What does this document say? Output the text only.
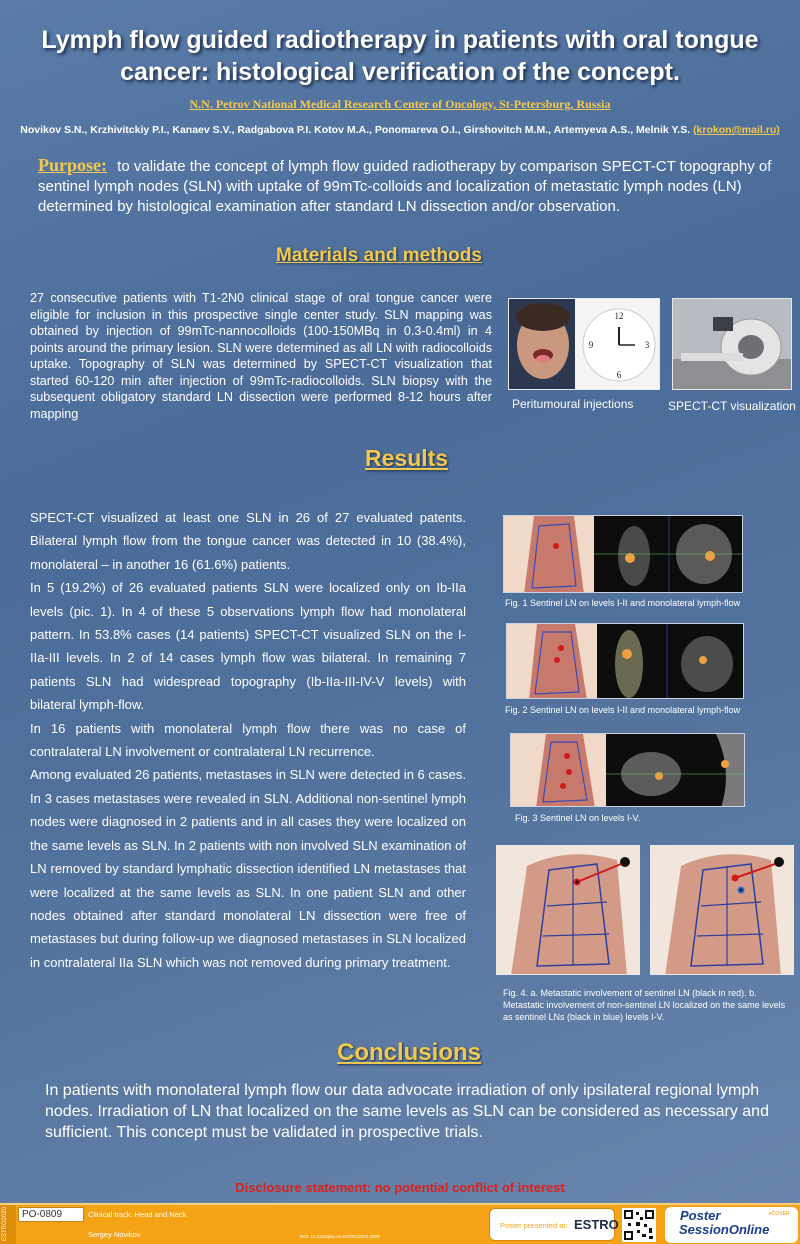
Lymph flow guided radiotherapy in patients with oral tongue
cancer: histological verification of the concept.
N.N. Petrov National Medical Research Center of Oncology, St-Petersburg, Russia
Novikov S.N., Krzhivitckiy P.I., Kanaev S.V., Radgabova P.I. Kotov M.A., Ponomareva O.I., Girshovitch M.M., Artemyeva A.S., Melnik Y.S. (krokon@mail.ru)
Purpose: to validate the concept of lymph flow guided radiotherapy by comparison SPECT-CT topography of sentinel lymph nodes (SLN) with uptake of 99mTc-colloids and localization of metastatic lymph nodes (LN) determined by histological examination after standard LN dissection and/or observation.
Materials and methods
27 consecutive patients with T1-2N0 clinical stage of oral tongue cancer were eligible for inclusion in this prospective single center study. SLN mapping was obtained by injection of 99mTc-nannocolloids (100-150MBq in 0.3-0.4ml) in 4 points around the primary lesion. SLN were determined as all LN with radiocolloids uptake. Topography of SLN was determined by SPECT-CT visualization that started 60-120 min after injection of 99mTc-radiocolloids. SLN biopsy with the subsequent obligatory standard LN dissection were performed 8-12 hours after mapping
12
3
6
9
Peritumoural injections	SPECT-CT visualization
Results
SPECT-CT visualized at least one SLN in 26 of 27 evaluated patents. Bilateral lymph flow from the tongue cancer was detected in 10 (38.4%), monolateral – in another 16 (61.6%) patients.
In 5 (19.2%) of 26 evaluated patients SLN were localized only on Ib-IIa levels (pic. 1). In 4 of these 5 observations lymph flow had monolateral pattern. In 53.8% cases (14 patients) SPECT-CT visualized SLN on the I-IIa-III levels. In 2 of 14 cases lymph flow was bilateral. In remaining 7 patients SLN had widespread topography (Ib-IIa-III-IV-V levels) with bilateral lymph-flow.
In 16 patients with monolateral lymph flow there was no case of contralateral LN involvement or contralateral LN recurrence.
Among evaluated 26 patients, metastases in SLN were detected in 6 cases. In 3 cases metastases were revealed in SLN. Additional non-sentinel lymph nodes were diagnosed in 2 patients and in all cases they were localized on the same levels as SLN. In 2 patients with non involved SLN examination of LN removed by standard lymphatic dissection identified LN metastases that were localized at the same levels as SLN. In one patient SLN and other nodes obtained after standard monolateral LN dissection were free of metastases but during follow-up we diagnosed metastases in SLN localized in contralateral IIa SLN which was not removed during primary treatment.
Fig. 1 Sentinel LN on levels I-II and monolateral lymph-flow
Fig. 2 Sentinel LN on levels I-II and monolateral lymph-flow
Fig. 3 Sentinel LN on levels I-V.
Fig. 4. a. Metastatic involvement of sentinel LN (black in red). b. Metastatic involvement of non-sentinel LN localized on the same levels as sentinel LNs (black in blue) levels I-V.
Conclusions
In patients with monolateral lymph flow our data advocate irradiation of only ipsilateral regional lymph nodes. Irradiation of LN that localized on the same levels as SLN can be considered as necessary and sufficient. This concept must be validated in prospective trials.
Disclosure statement: no potential conflict of interest
ESTRO2020	PO-0809	Clinical track: Head and Neck
Sergey Novikov	DOI: 10.3252/pso.eu.ESTRO2020.2020
Poster presented at: ESTRO
Poster
SessionOnline
eCOVER
